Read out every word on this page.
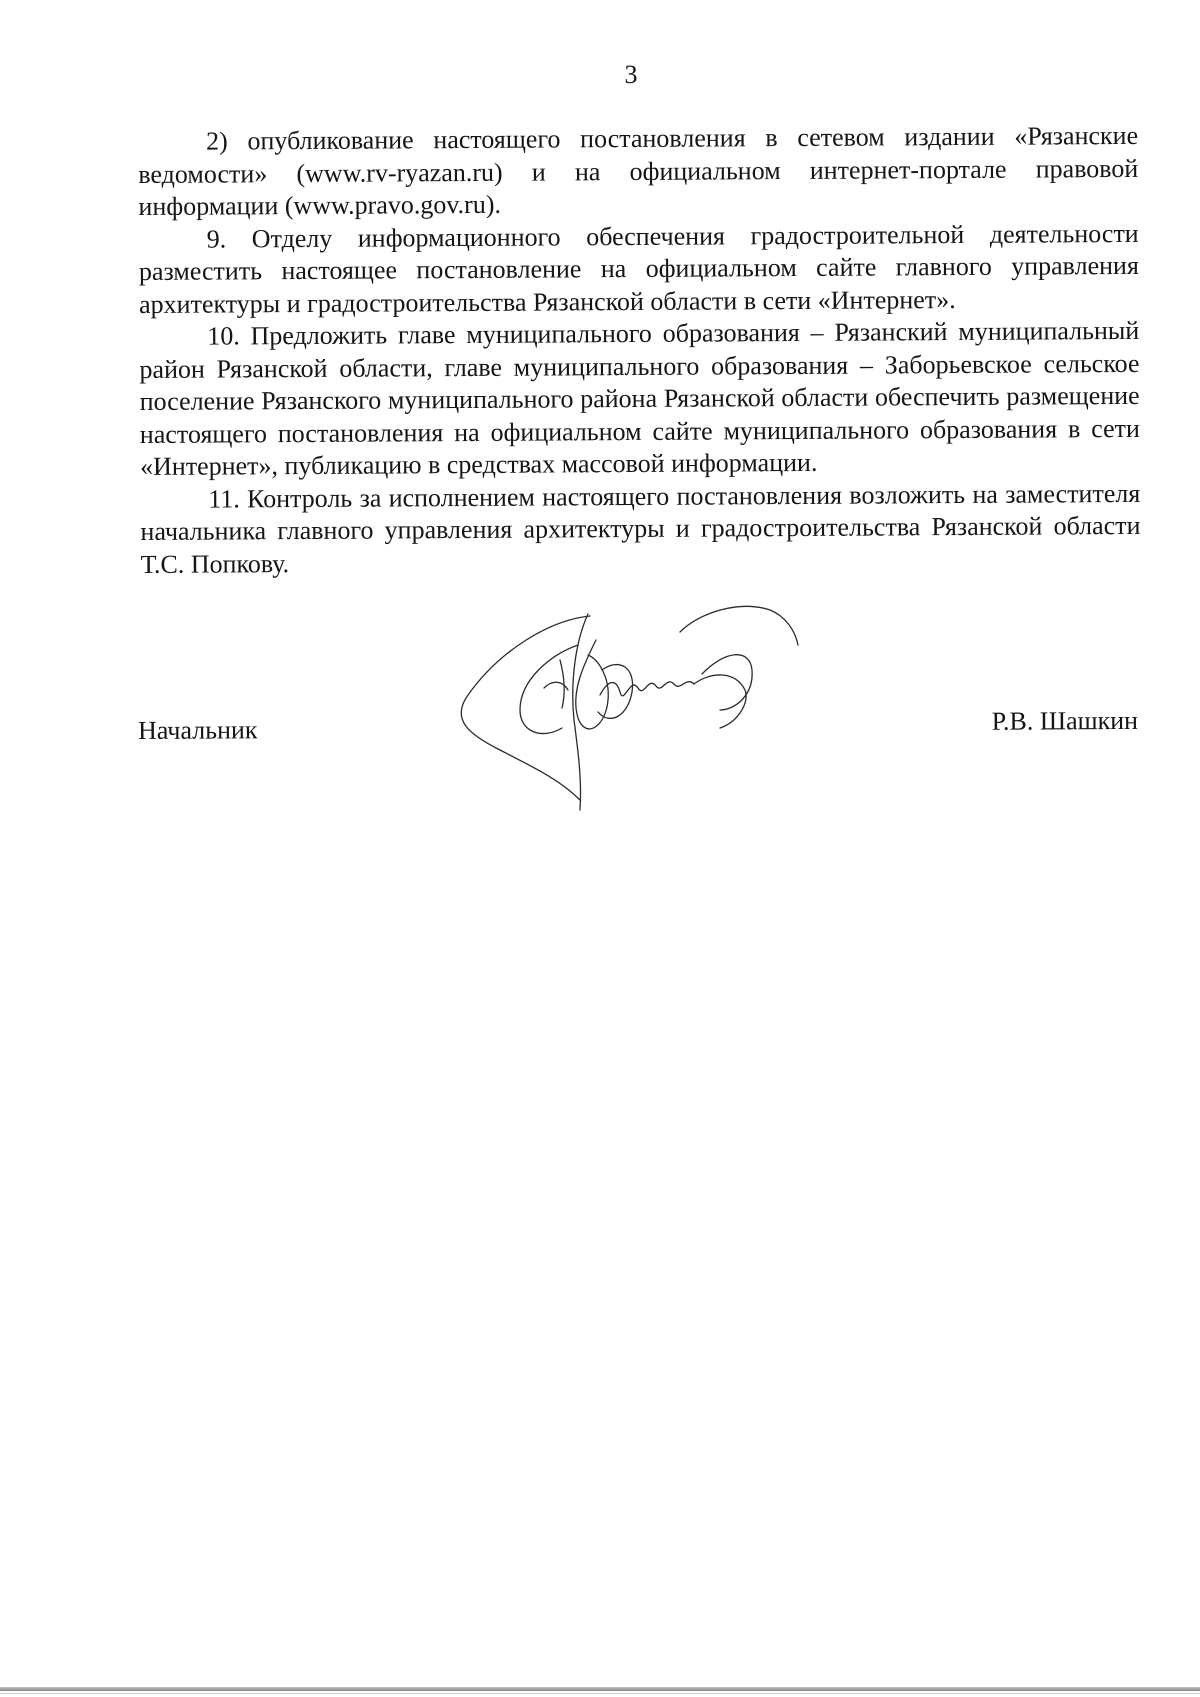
3

2) опубликование настоящего постановления в сетевом издании «Рязанские ведомости» (www.rv-ryazan.ru) и на официальном интернет-портале правовой информации (www.pravo.gov.ru).

9. Отделу информационного обеспечения градостроительной деятельности разместить настоящее постановление на официальном сайте главного управления архитектуры и градостроительства Рязанской области в сети «Интернет».

10. Предложить главе муниципального образования – Рязанский муниципальный район Рязанской области, главе муниципального образования – Заборьевское сельское поселение Рязанского муниципального района Рязанской области обеспечить размещение настоящего постановления на официальном сайте муниципального образования в сети «Интернет», публикацию в средствах массовой информации.

11. Контроль за исполнением настоящего постановления возложить на заместителя начальника главного управления архитектуры и градостроительства Рязанской области Т.С. Попкову.

Начальник	Р.В. Шашкин
